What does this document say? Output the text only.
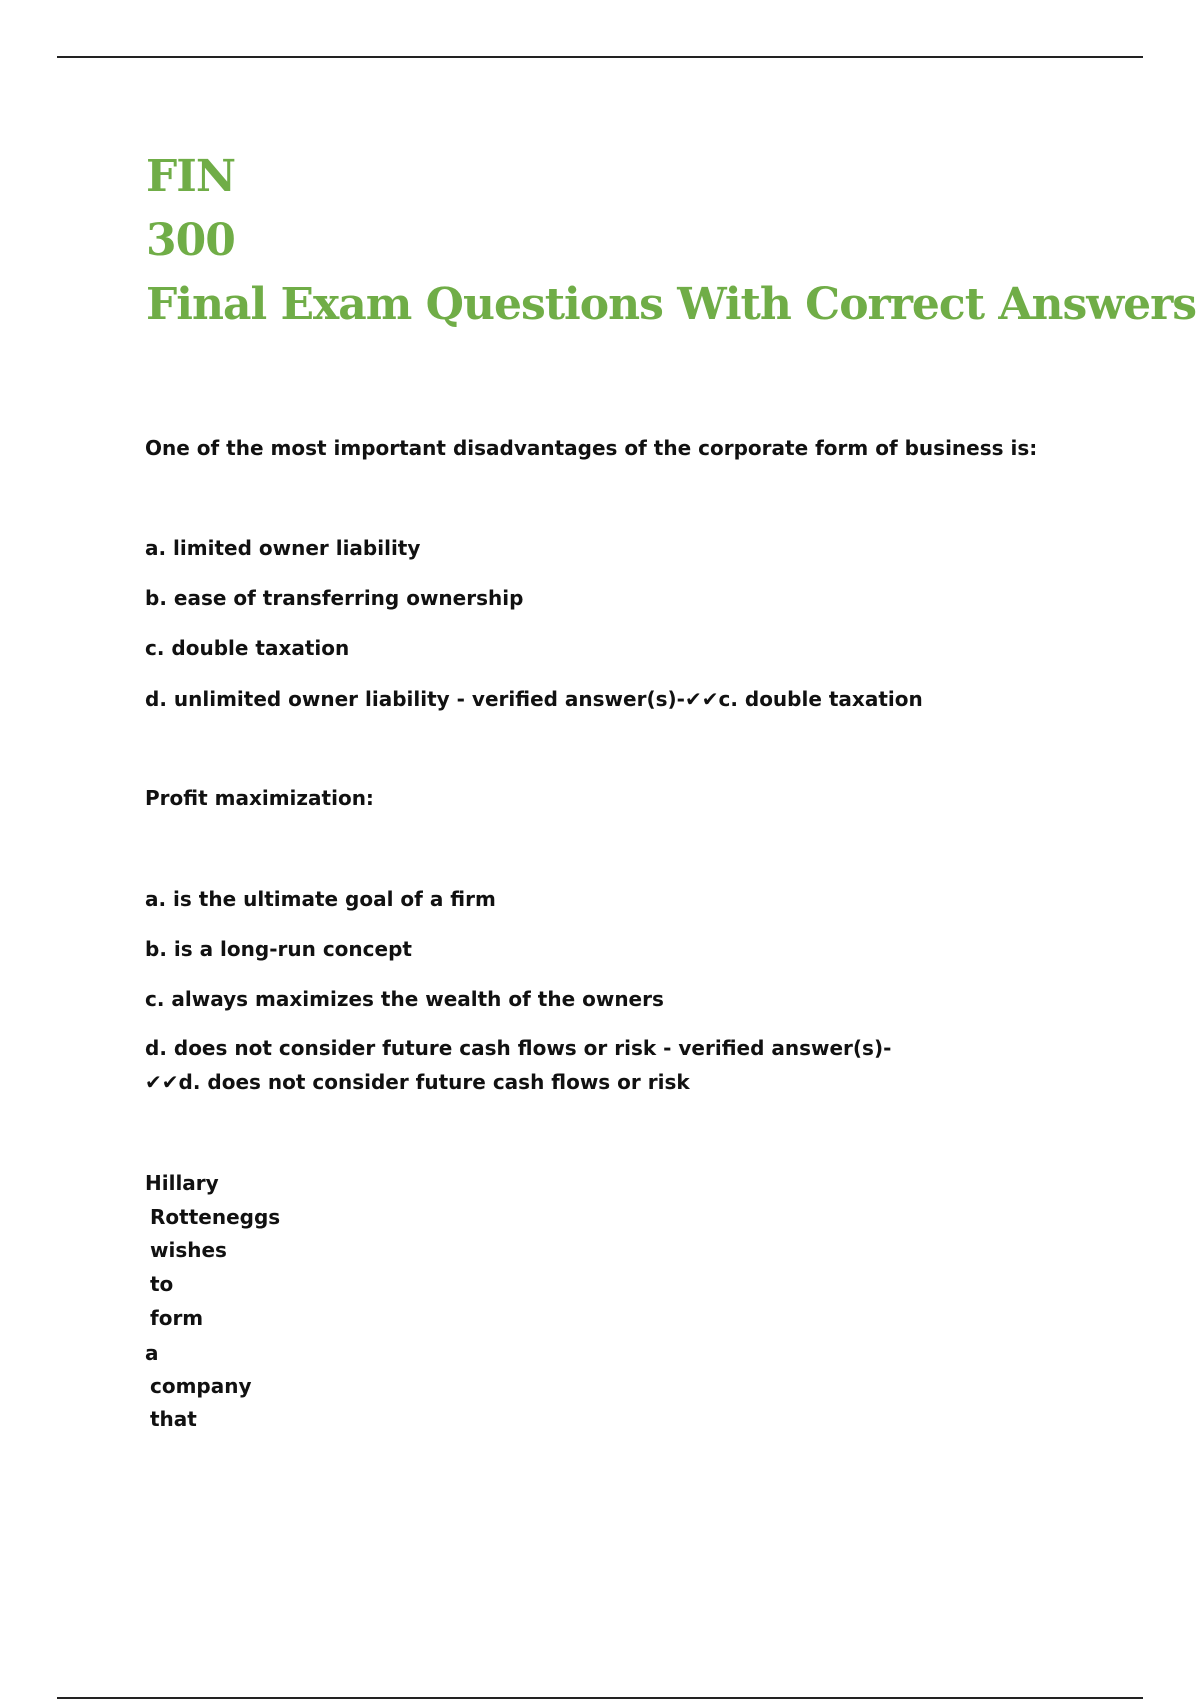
FIN
300
Final Exam Questions With Correct Answers
One of the most important disadvantages of the corporate form of business is:
a. limited owner liability
b. ease of transferring ownership
c. double taxation
d. unlimited owner liability - verified answer(s)-✔✔c. double taxation
Profit maximization:
a. is the ultimate goal of a firm
b. is a long-run concept
c. always maximizes the wealth of the owners
d. does not consider future cash flows or risk - verified answer(s)-
✔✔d. does not consider future cash flows or risk
Hillary
Rotteneggs
wishes
to
form
a
company
that
